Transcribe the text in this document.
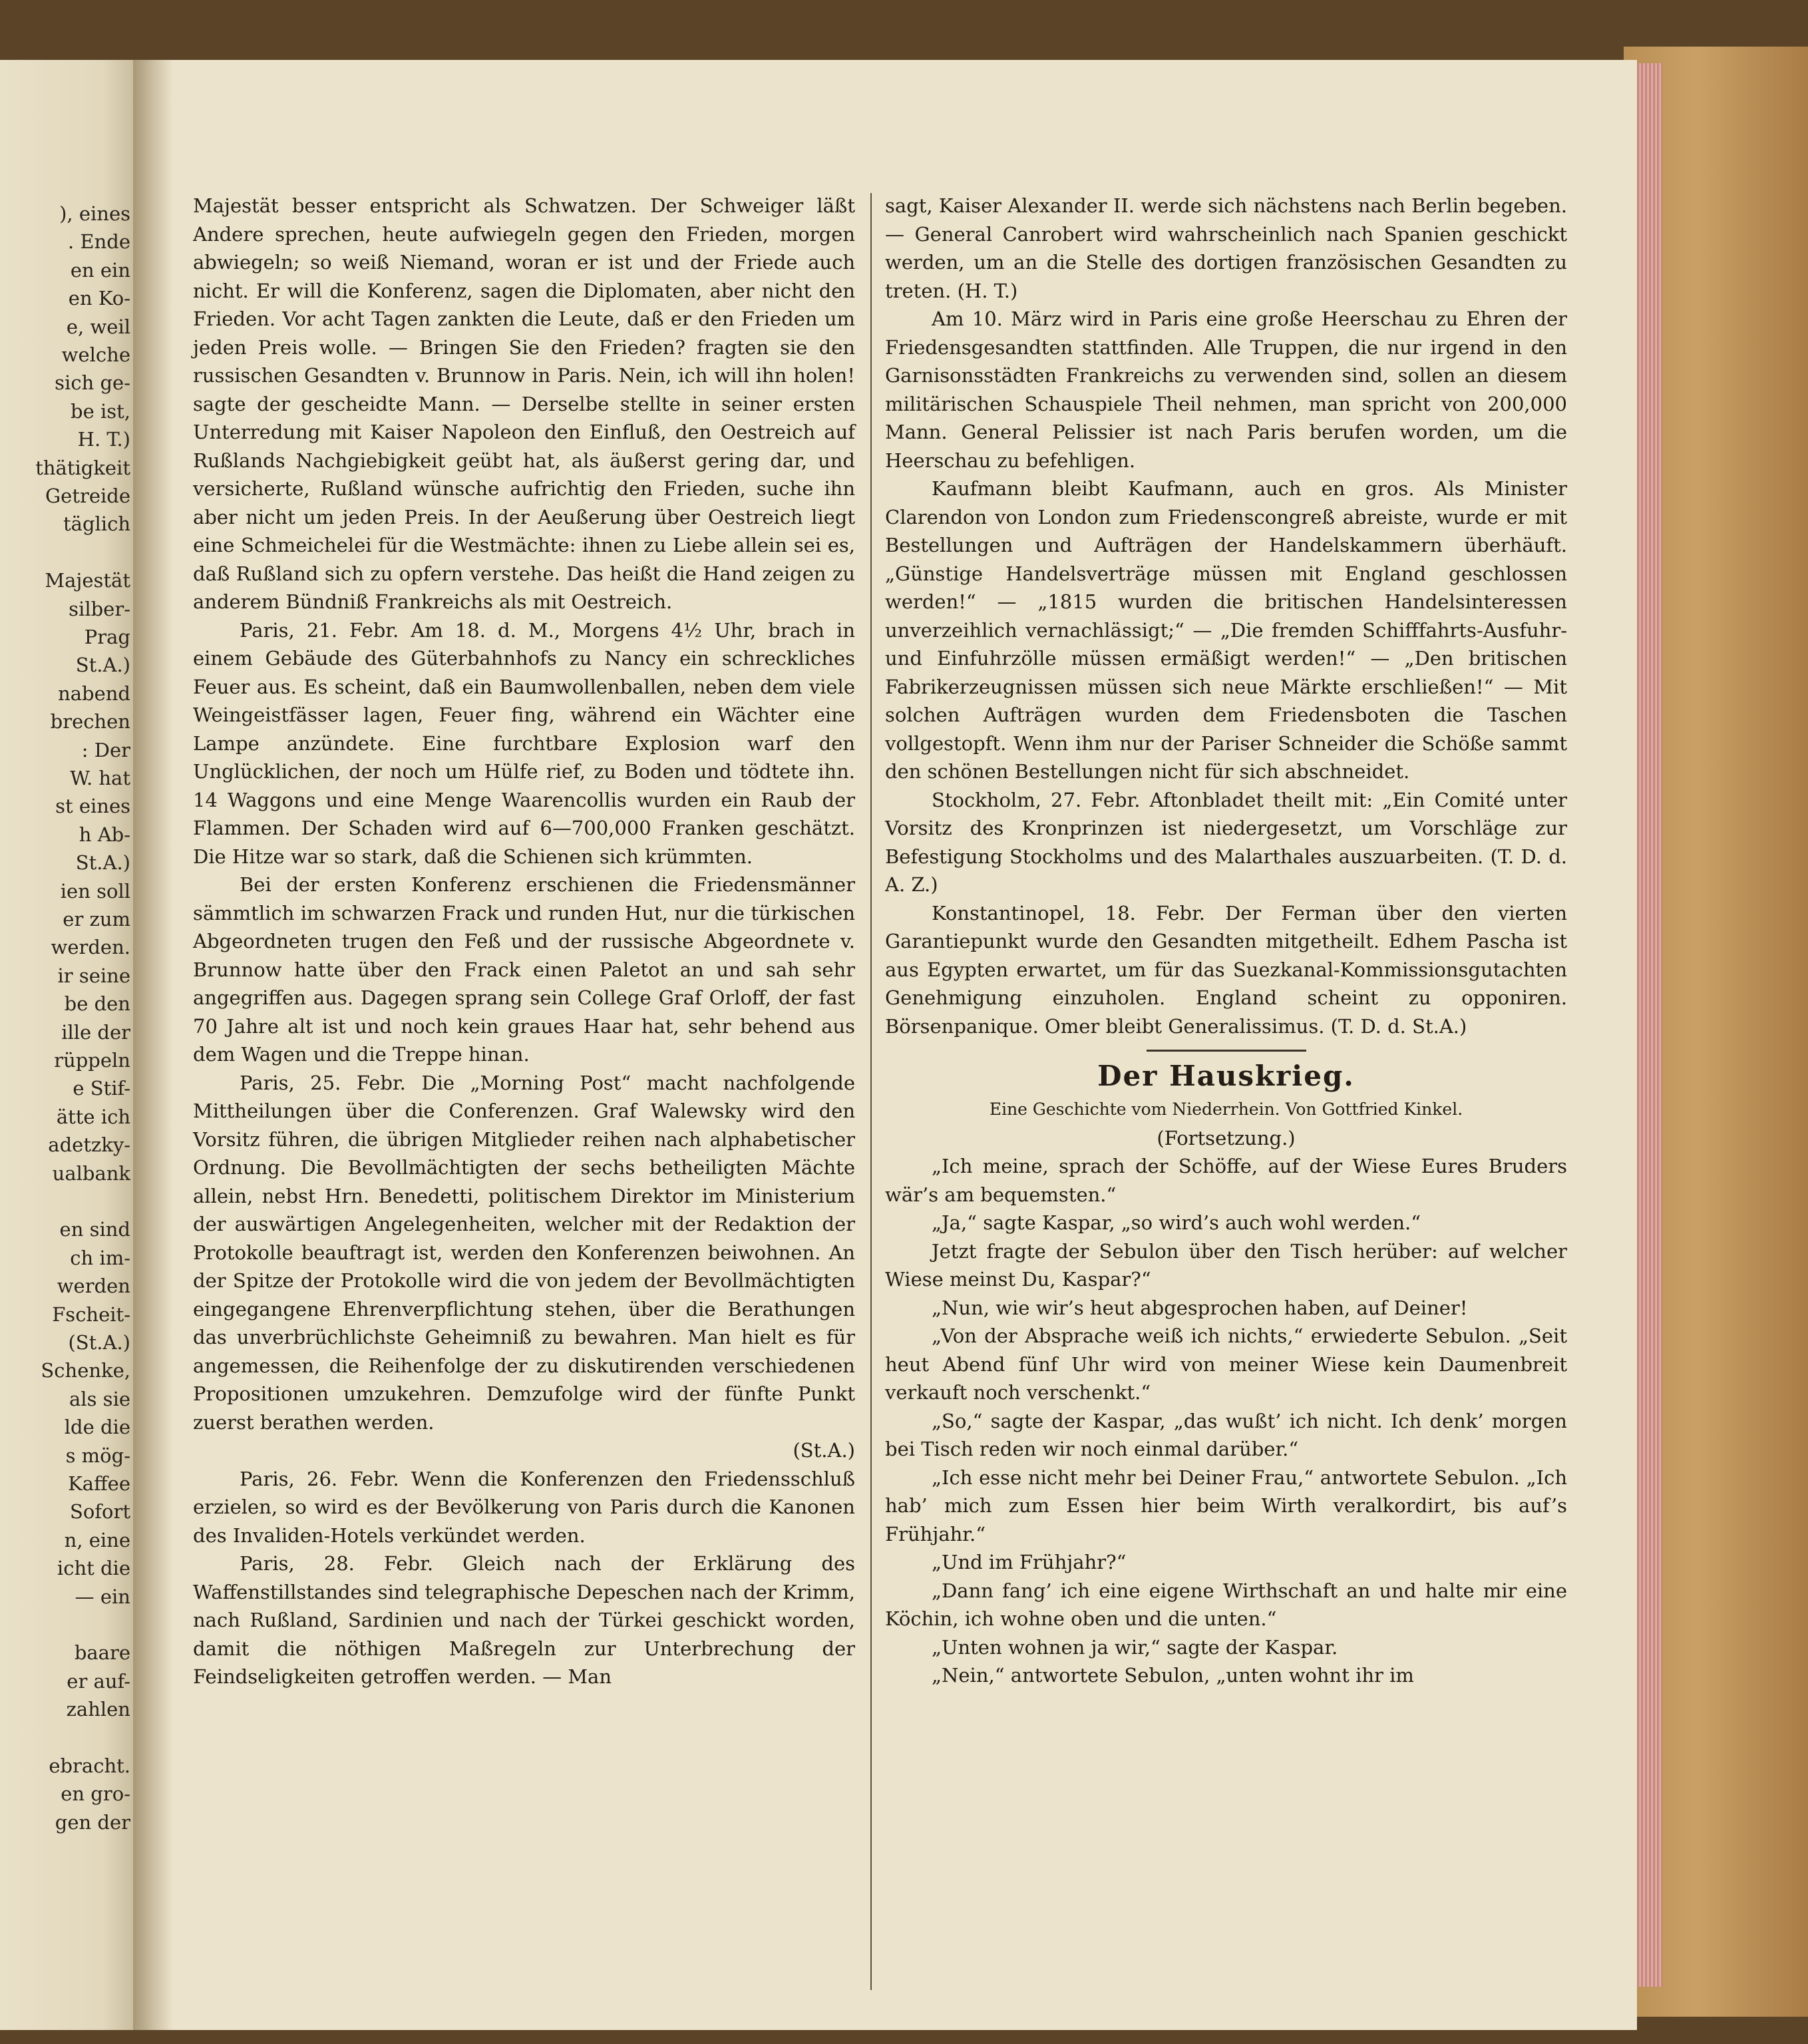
), eines
. Ende
en ein
en Ko-
e, weil
welche
sich ge-
be ist,
H. T.)
thätigkeit
Getreide
täglich
Majestät
silber-
Prag
St.A.)
nabend
brechen
: Der
W. hat
st eines
h Ab-
St.A.)
ien soll
er zum
werden.
ir seine
be den
ille der
rüppeln
e Stif-
ätte ich
adetzky-
ualbank
en sind
ch im-
werden
Fscheit-
(St.A.)
Schenke,
als sie
lde die
s mög-
Kaffee
Sofort
n, eine
icht die
— ein
baare
er auf-
zahlen
ebracht.
en gro-
gen der

Majestät besser entspricht als Schwatzen. Der Schweiger läßt Andere sprechen, heute aufwiegeln gegen den Frieden, morgen abwiegeln; so weiß Niemand, woran er ist und der Friede auch nicht. Er will die Konferenz, sagen die Diplomaten, aber nicht den Frieden. Vor acht Tagen zankten die Leute, daß er den Frieden um jeden Preis wolle. — Bringen Sie den Frieden? fragten sie den russischen Gesandten v. Brunnow in Paris. Nein, ich will ihn holen! sagte der gescheidte Mann. — Derselbe stellte in seiner ersten Unterredung mit Kaiser Napoleon den Einfluß, den Oestreich auf Rußlands Nachgiebigkeit geübt hat, als äußerst gering dar, und versicherte, Rußland wünsche aufrichtig den Frieden, suche ihn aber nicht um jeden Preis. In der Aeußerung über Oestreich liegt eine Schmeichelei für die Westmächte: ihnen zu Liebe allein sei es, daß Rußland sich zu opfern verstehe. Das heißt die Hand zeigen zu anderem Bündniß Frankreichs als mit Oestreich.

Paris, 21. Febr. Am 18. d. M., Morgens 4½ Uhr, brach in einem Gebäude des Güterbahnhofs zu Nancy ein schreckliches Feuer aus. Es scheint, daß ein Baumwollenballen, neben dem viele Weingeistfässer lagen, Feuer fing, während ein Wächter eine Lampe anzündete. Eine furchtbare Explosion warf den Unglücklichen, der noch um Hülfe rief, zu Boden und tödtete ihn. 14 Waggons und eine Menge Waarencollis wurden ein Raub der Flammen. Der Schaden wird auf 6—700,000 Franken geschätzt. Die Hitze war so stark, daß die Schienen sich krümmten.

Bei der ersten Konferenz erschienen die Friedensmänner sämmtlich im schwarzen Frack und runden Hut, nur die türkischen Abgeordneten trugen den Feß und der russische Abgeordnete v. Brunnow hatte über den Frack einen Paletot an und sah sehr angegriffen aus. Dagegen sprang sein College Graf Orloff, der fast 70 Jahre alt ist und noch kein graues Haar hat, sehr behend aus dem Wagen und die Treppe hinan.

Paris, 25. Febr. Die „Morning Post“ macht nachfolgende Mittheilungen über die Conferenzen. Graf Walewsky wird den Vorsitz führen, die übrigen Mitglieder reihen nach alphabetischer Ordnung. Die Bevollmächtigten der sechs betheiligten Mächte allein, nebst Hrn. Benedetti, politischem Direktor im Ministerium der auswärtigen Angelegenheiten, welcher mit der Redaktion der Protokolle beauftragt ist, werden den Konferenzen beiwohnen. An der Spitze der Protokolle wird die von jedem der Bevollmächtigten eingegangene Ehrenverpflichtung stehen, über die Berathungen das unverbrüchlichste Geheimniß zu bewahren. Man hielt es für angemessen, die Reihenfolge der zu diskutirenden verschiedenen Propositionen umzukehren. Demzufolge wird der fünfte Punkt zuerst berathen werden.

(St.A.)

Paris, 26. Febr. Wenn die Konferenzen den Friedensschluß erzielen, so wird es der Bevölkerung von Paris durch die Kanonen des Invaliden-Hotels verkündet werden.

Paris, 28. Febr. Gleich nach der Erklärung des Waffenstillstandes sind telegraphische Depeschen nach der Krimm, nach Rußland, Sardinien und nach der Türkei geschickt worden, damit die nöthigen Maßregeln zur Unterbrechung der Feindseligkeiten getroffen werden. — Man

sagt, Kaiser Alexander II. werde sich nächstens nach Berlin begeben. — General Canrobert wird wahrscheinlich nach Spanien geschickt werden, um an die Stelle des dortigen französischen Gesandten zu treten. (H. T.)

Am 10. März wird in Paris eine große Heerschau zu Ehren der Friedensgesandten stattfinden. Alle Truppen, die nur irgend in den Garnisonsstädten Frankreichs zu verwenden sind, sollen an diesem militärischen Schauspiele Theil nehmen, man spricht von 200,000 Mann. General Pelissier ist nach Paris berufen worden, um die Heerschau zu befehligen.

Kaufmann bleibt Kaufmann, auch en gros. Als Minister Clarendon von London zum Friedenscongreß abreiste, wurde er mit Bestellungen und Aufträgen der Handelskammern überhäuft. „Günstige Handelsverträge müssen mit England geschlossen werden!“ — „1815 wurden die britischen Handelsinteressen unverzeihlich vernachlässigt;“ — „Die fremden Schifffahrts-Ausfuhr- und Einfuhrzölle müssen ermäßigt werden!“ — „Den britischen Fabrikerzeugnissen müssen sich neue Märkte erschließen!“ — Mit solchen Aufträgen wurden dem Friedensboten die Taschen vollgestopft. Wenn ihm nur der Pariser Schneider die Schöße sammt den schönen Bestellungen nicht für sich abschneidet.

Stockholm, 27. Febr. Aftonbladet theilt mit: „Ein Comité unter Vorsitz des Kronprinzen ist niedergesetzt, um Vorschläge zur Befestigung Stockholms und des Malarthales auszuarbeiten. (T. D. d. A. Z.)

Konstantinopel, 18. Febr. Der Ferman über den vierten Garantiepunkt wurde den Gesandten mitgetheilt. Edhem Pascha ist aus Egypten erwartet, um für das Suezkanal-Kommissionsgutachten Genehmigung einzuholen. England scheint zu opponiren. Börsenpanique. Omer bleibt Generalissimus. (T. D. d. St.A.)

Der Hauskrieg.

Eine Geschichte vom Niederrhein. Von Gottfried Kinkel.

(Fortsetzung.)

„Ich meine, sprach der Schöffe, auf der Wiese Eures Bruders wär’s am bequemsten.“

„Ja,“ sagte Kaspar, „so wird’s auch wohl werden.“

Jetzt fragte der Sebulon über den Tisch herüber: auf welcher Wiese meinst Du, Kaspar?“

„Nun, wie wir’s heut abgesprochen haben, auf Deiner!

„Von der Absprache weiß ich nichts,“ erwiederte Sebulon. „Seit heut Abend fünf Uhr wird von meiner Wiese kein Daumenbreit verkauft noch verschenkt.“

„So,“ sagte der Kaspar, „das wußt’ ich nicht. Ich denk’ morgen bei Tisch reden wir noch einmal darüber.“

„Ich esse nicht mehr bei Deiner Frau,“ antwortete Sebulon. „Ich hab’ mich zum Essen hier beim Wirth veralkordirt, bis auf’s Frühjahr.“

„Und im Frühjahr?“

„Dann fang’ ich eine eigene Wirthschaft an und halte mir eine Köchin, ich wohne oben und die unten.“

„Unten wohnen ja wir,“ sagte der Kaspar.

„Nein,“ antwortete Sebulon, „unten wohnt ihr im
